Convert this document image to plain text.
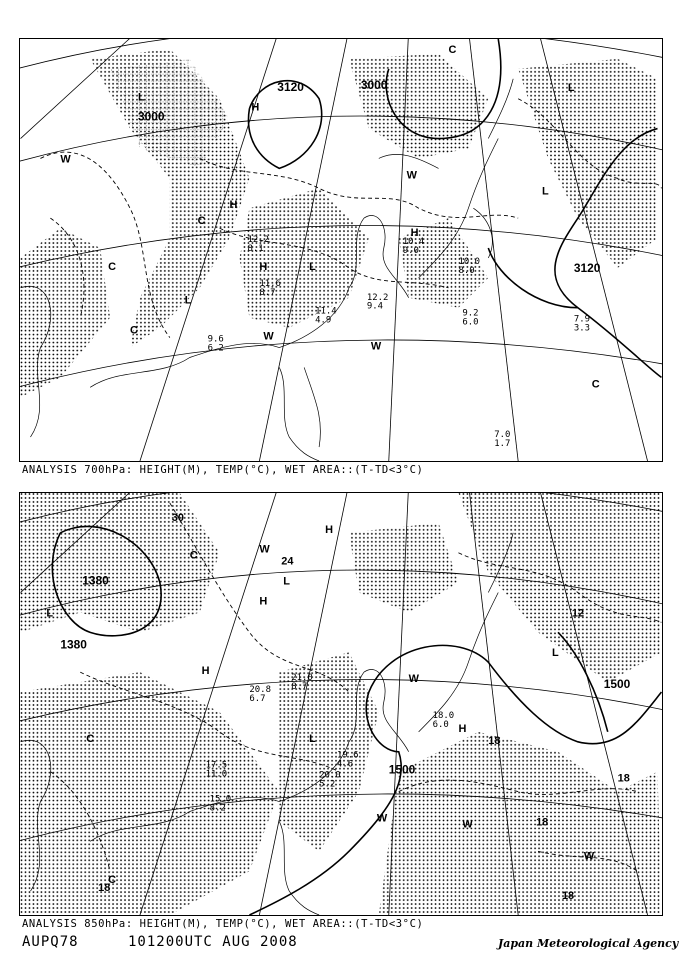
3000
3120	3000
3120
H
H
H
H
L
L
L
L
L
W
W
W
W
C
C
C
C
C
10.4
9.0
11.6
8.7	12.2
9.4
11.4
4.9
9.2
6.0	7.9
3.3
7.0
1.7
10.0
8.0
12.2
8.1
9.6
6.2
ANALYSIS 700hPa: HEIGHT(M), TEMP(°C), WET AREA::(T-TD<3°C)
1380
1500
1500
1380
30
24
18
18
18
18
18
12
H
H
H
H
L
L
L
L
W
W
W
W
W
C
C
C
20.8
6.7
21.0
8.7
19.6
4.6
17.5
11.0
15.0
8.2
20.0
5.2
18.0
6.0
ANALYSIS 850hPa: HEIGHT(M), TEMP(°C), WET AREA::(T-TD<3°C)
AUPQ78	101200UTC AUG 2008	Japan Meteorological Agency
